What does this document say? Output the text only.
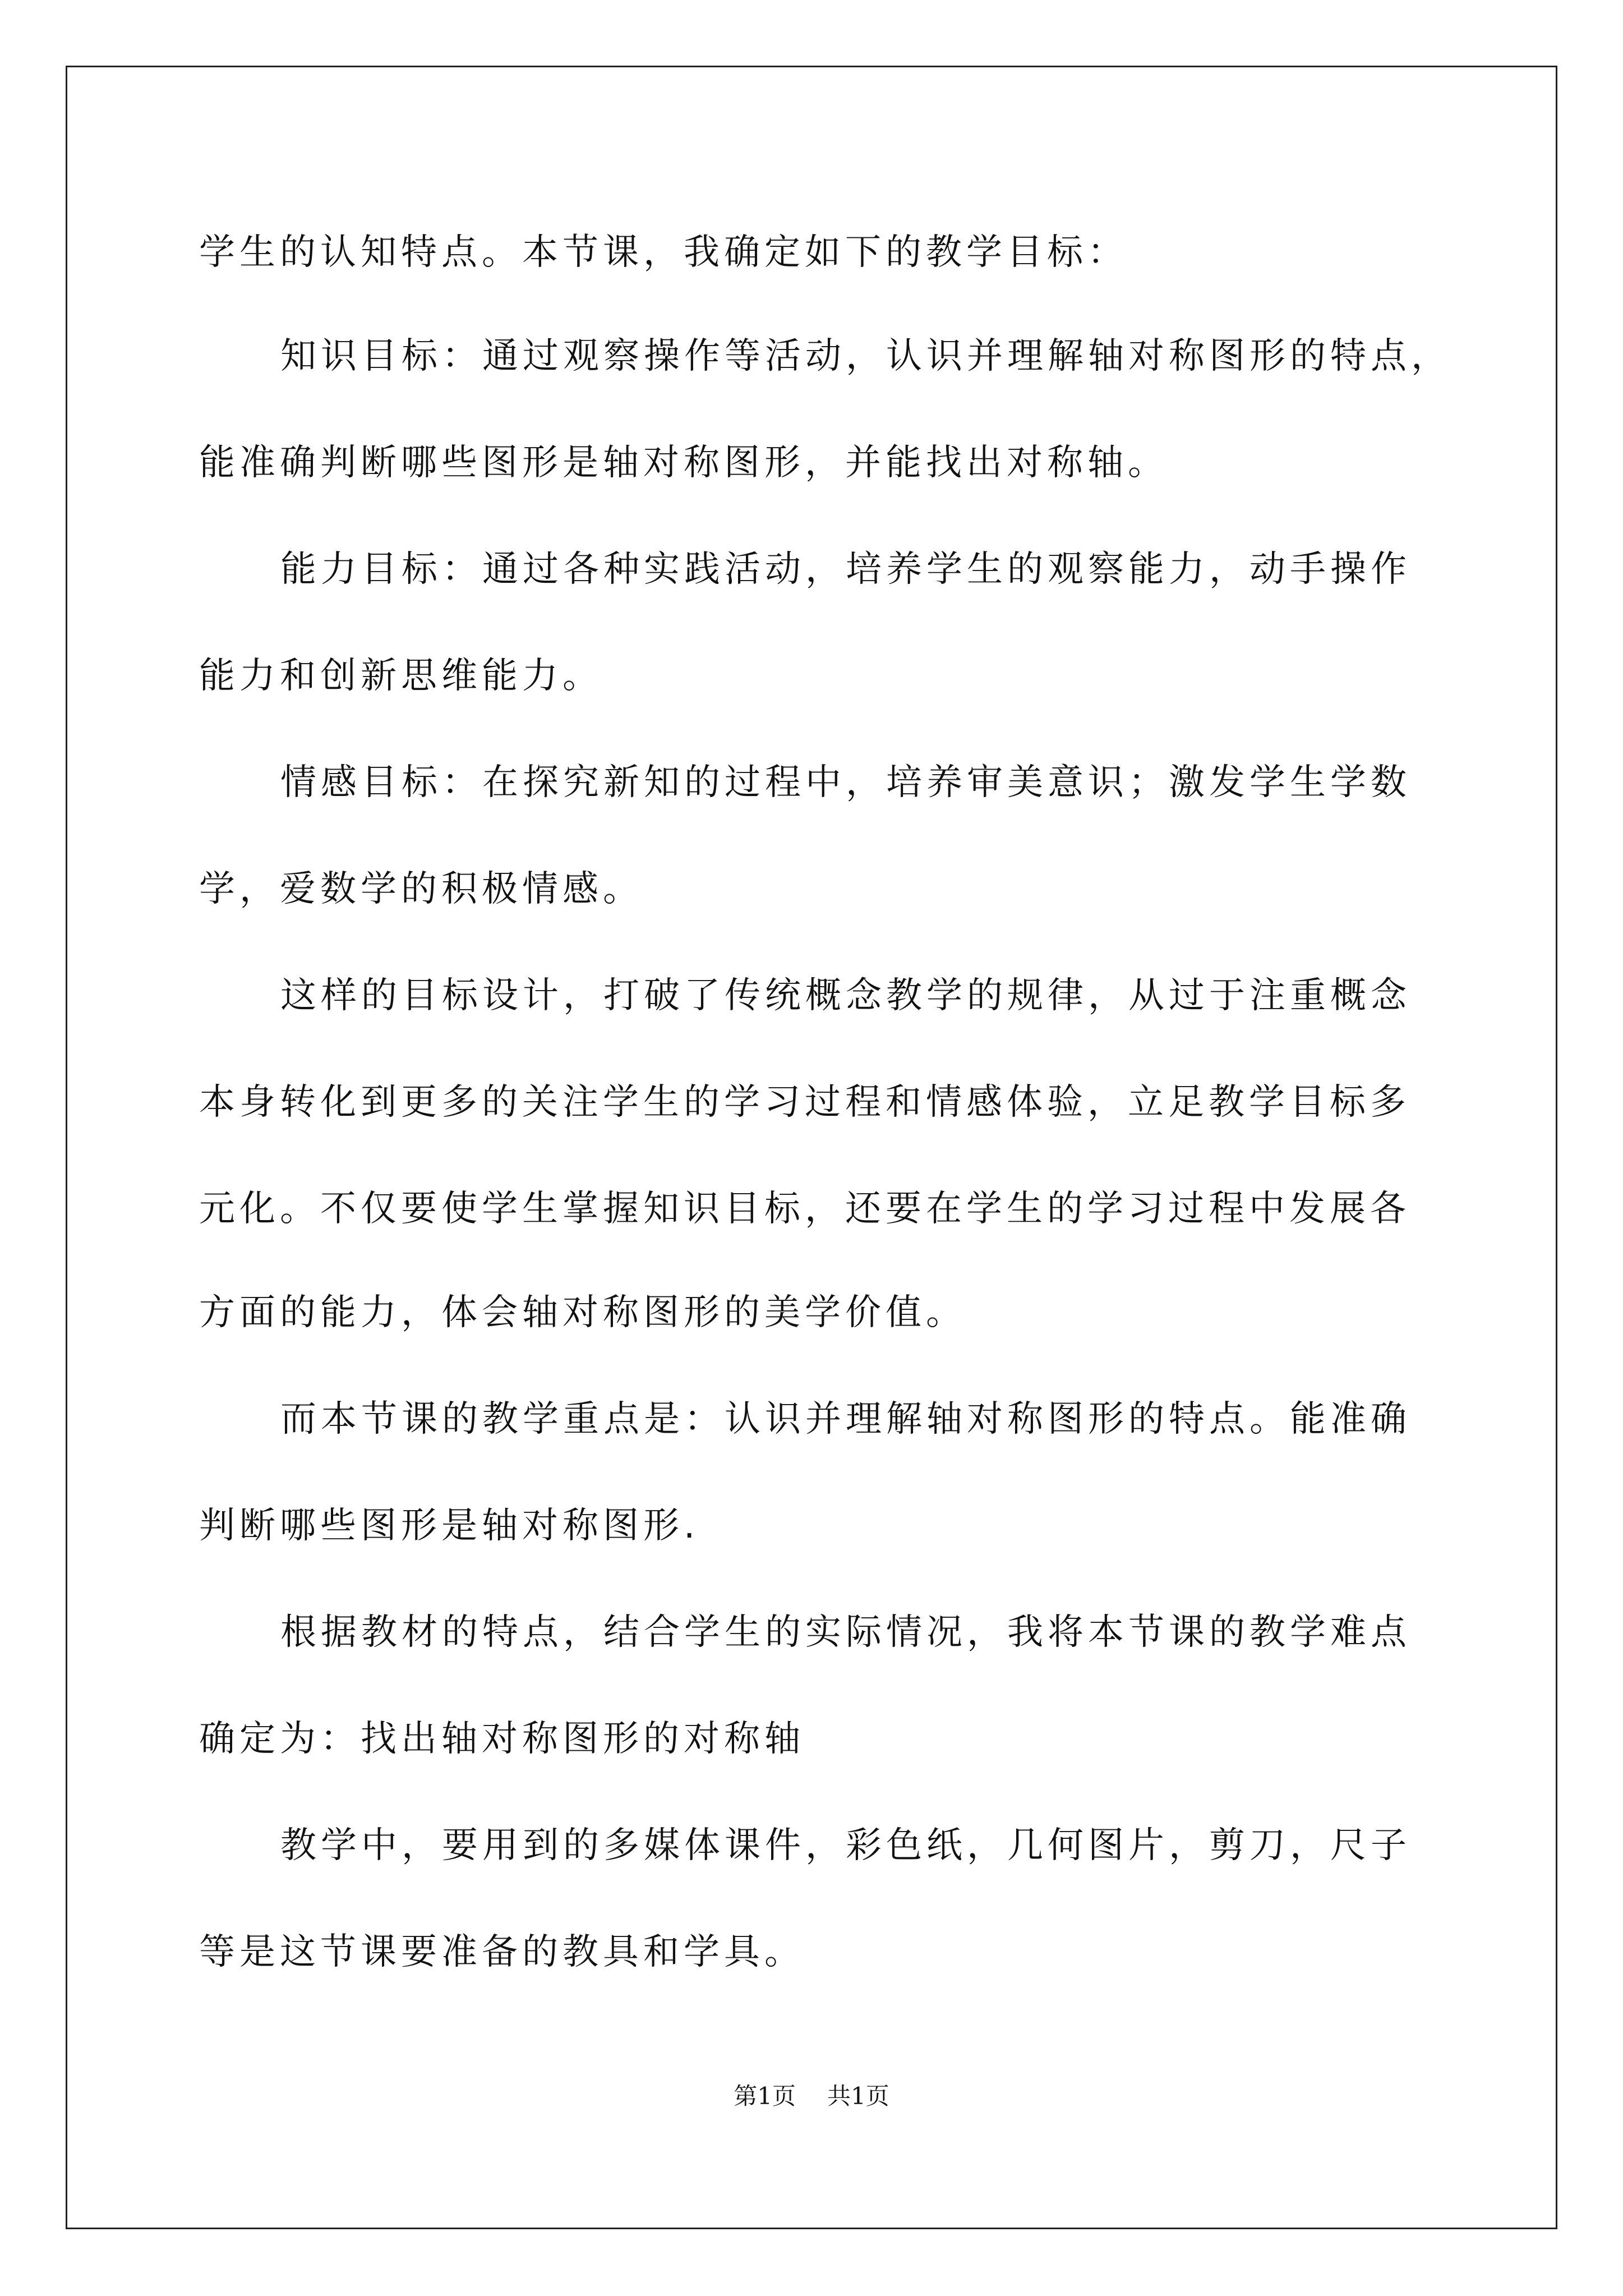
学生的认知特点。本节课，我确定如下的教学目标：
知识目标：通过观察操作等活动，认识并理解轴对称图形的特点，
能准确判断哪些图形是轴对称图形，并能找出对称轴。
能力目标：通过各种实践活动，培养学生的观察能力，动手操作
能力和创新思维能力。
情感目标：在探究新知的过程中，培养审美意识；激发学生学数
学，爱数学的积极情感。
这样的目标设计，打破了传统概念教学的规律，从过于注重概念
本身转化到更多的关注学生的学习过程和情感体验，立足教学目标多
元化。不仅要使学生掌握知识目标，还要在学生的学习过程中发展各
方面的能力，体会轴对称图形的美学价值。
而本节课的教学重点是：认识并理解轴对称图形的特点。能准确
判断哪些图形是轴对称图形.
根据教材的特点，结合学生的实际情况，我将本节课的教学难点
确定为：找出轴对称图形的对称轴
教学中，要用到的多媒体课件，彩色纸，几何图片，剪刀，尺子
等是这节课要准备的教具和学具。
第1页 共1页
